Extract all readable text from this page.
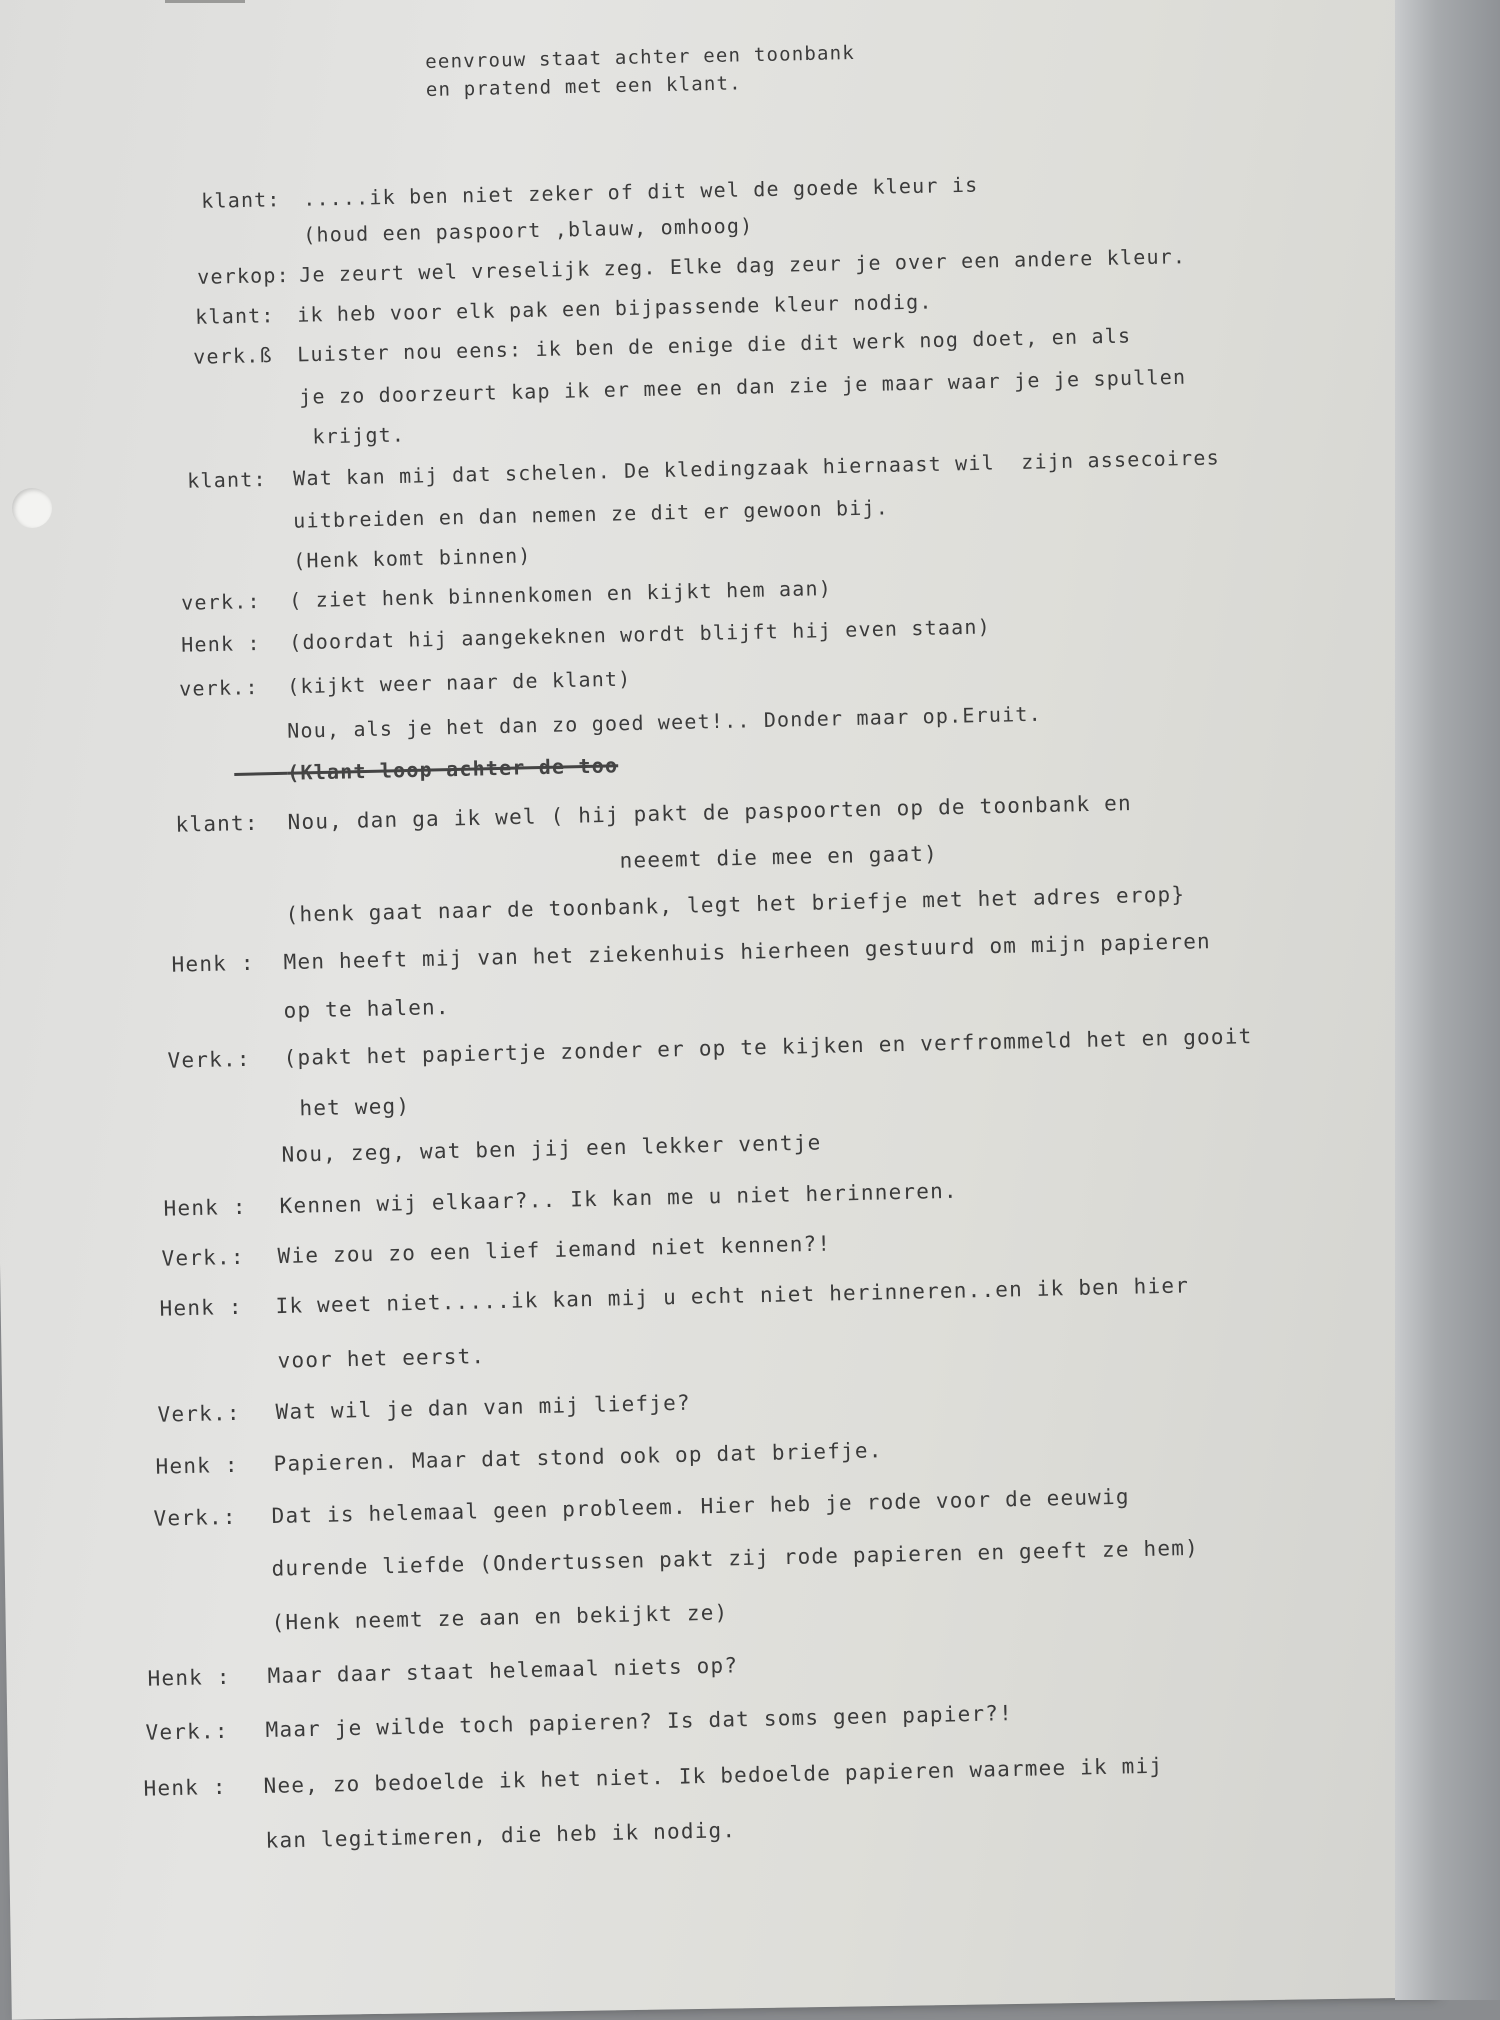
eenvrouw staat achter een toonbank
en pratend met een klant.

klant: .....ik ben niet zeker of dit wel de goede kleur is

(houd een paspoort ,blauw, omhoog)

verkop: Je zeurt wel vreselijk zeg. Elke dag zeur je over een andere kleur.

klant: ik heb voor elk pak een bijpassende kleur nodig.

verk.ß Luister nou eens: ik ben de enige die dit werk nog doet, en als

je zo doorzeurt kap ik er mee en dan zie je maar waar je je spullen

krijgt.

klant: Wat kan mij dat schelen. De kledingzaak hiernaast wil  zijn assecoires

uitbreiden en dan nemen ze dit er gewoon bij.

(Henk komt binnen)

verk.: ( ziet henk binnenkomen en kijkt hem aan)

Henk : (doordat hij aangekeknen wordt blijft hij even staan)

verk.: (kijkt weer naar de klant)

Nou, als je het dan zo goed weet!.. Donder maar op.Eruit.

(Klant loop achter de too

klant: Nou, dan ga ik wel ( hij pakt de paspoorten op de toonbank en

neeemt die mee en gaat)

(henk gaat naar de toonbank, legt het briefje met het adres erop}

Henk : Men heeft mij van het ziekenhuis hierheen gestuurd om mijn papieren

op te halen.

Verk.: (pakt het papiertje zonder er op te kijken en verfrommeld het en gooit

het weg)

Nou, zeg, wat ben jij een lekker ventje

Henk : Kennen wij elkaar?.. Ik kan me u niet herinneren.

Verk.: Wie zou zo een lief iemand niet kennen?!

Henk : Ik weet niet.....ik kan mij u echt niet herinneren..en ik ben hier

voor het eerst.

Verk.: Wat wil je dan van mij liefje?

Henk : Papieren. Maar dat stond ook op dat briefje.

Verk.: Dat is helemaal geen probleem. Hier heb je rode voor de eeuwig

durende liefde (Ondertussen pakt zij rode papieren en geeft ze hem)

(Henk neemt ze aan en bekijkt ze)

Henk : Maar daar staat helemaal niets op?

Verk.: Maar je wilde toch papieren? Is dat soms geen papier?!

Henk : Nee, zo bedoelde ik het niet. Ik bedoelde papieren waarmee ik mij

kan legitimeren, die heb ik nodig.
